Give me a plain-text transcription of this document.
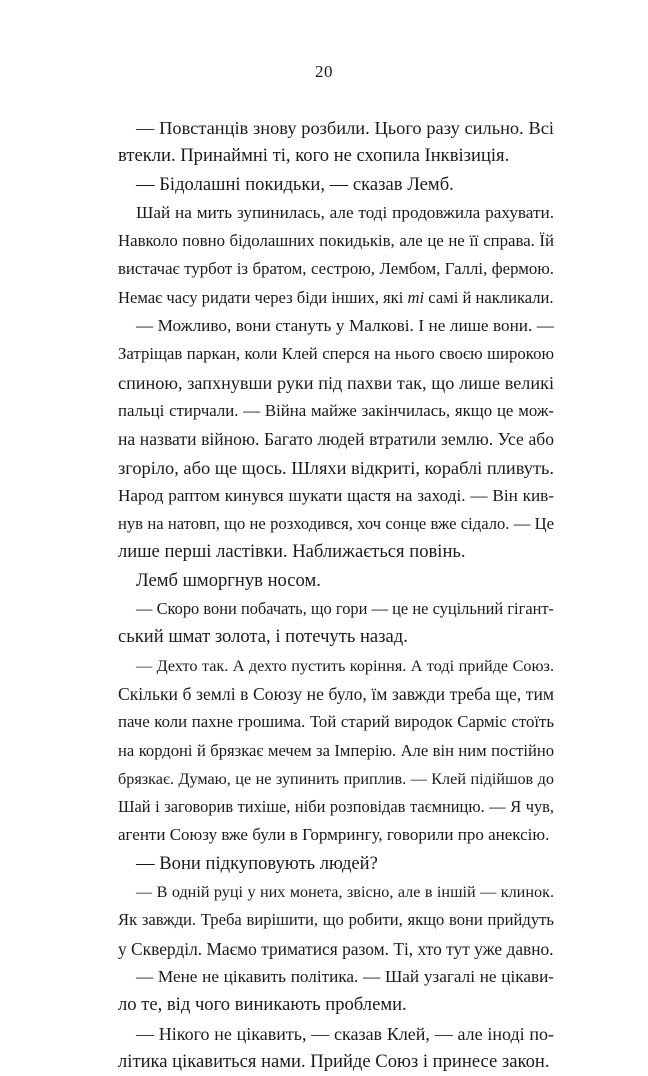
20
— Повстанців знову розбили. Цього разу сильно. Всі
втекли. Принаймні ті, кого не схопила Інквізиція.
— Бідолашні покидьки, — сказав Лемб.
Шай на мить зупинилась, але тоді продовжила рахувати.
Навколо повно бідолашних покидьків, але це не її справа. Їй
вистачає турбот із братом, сестрою, Лембом, Галлі, фермою.
Немає часу ридати через біди інших, які ті самі й накликали.
— Можливо, вони стануть у Малкові. І не лише вони. —
Затріщав паркан, коли Клей сперся на нього своєю широкою
спиною, запхнувши руки під пахви так, що лише великі
пальці стирчали. — Війна майже закінчилась, якщо це мож-
на назвати війною. Багато людей втратили землю. Усе або
згоріло, або ще щось. Шляхи відкриті, кораблі пливуть.
Народ раптом кинувся шукати щастя на заході. — Він кив-
нув на натовп, що не розходився, хоч сонце вже сідало. — Це
лише перші ластівки. Наближається повінь.
Лемб шморгнув носом.
— Скоро вони побачать, що гори — це не суцільний гігант-
ський шмат золота, і потечуть назад.
— Дехто так. А дехто пустить коріння. А тоді прийде Союз.
Скільки б землі в Союзу не було, їм завжди треба ще, тим
паче коли пахне грошима. Той старий виродок Сарміс стоїть
на кордоні й брязкає мечем за Імперію. Але він ним постійно
брязкає. Думаю, це не зупинить приплив. — Клей підійшов до
Шай і заговорив тихіше, ніби розповідав таємницю. — Я чув,
агенти Союзу вже були в Гормрингу, говорили про анексію.
— Вони підкуповують людей?
— В одній руці у них монета, звісно, але в іншій — клинок.
Як завжди. Треба вирішити, що робити, якщо вони прийдуть
у Скверділ. Маємо триматися разом. Ті, хто тут уже давно.
— Мене не цікавить політика. — Шай узагалі не цікави-
ло те, від чого виникають проблеми.
— Нікого не цікавить, — сказав Клей, — але іноді по-
літика цікавиться нами. Прийде Союз і принесе закон.
